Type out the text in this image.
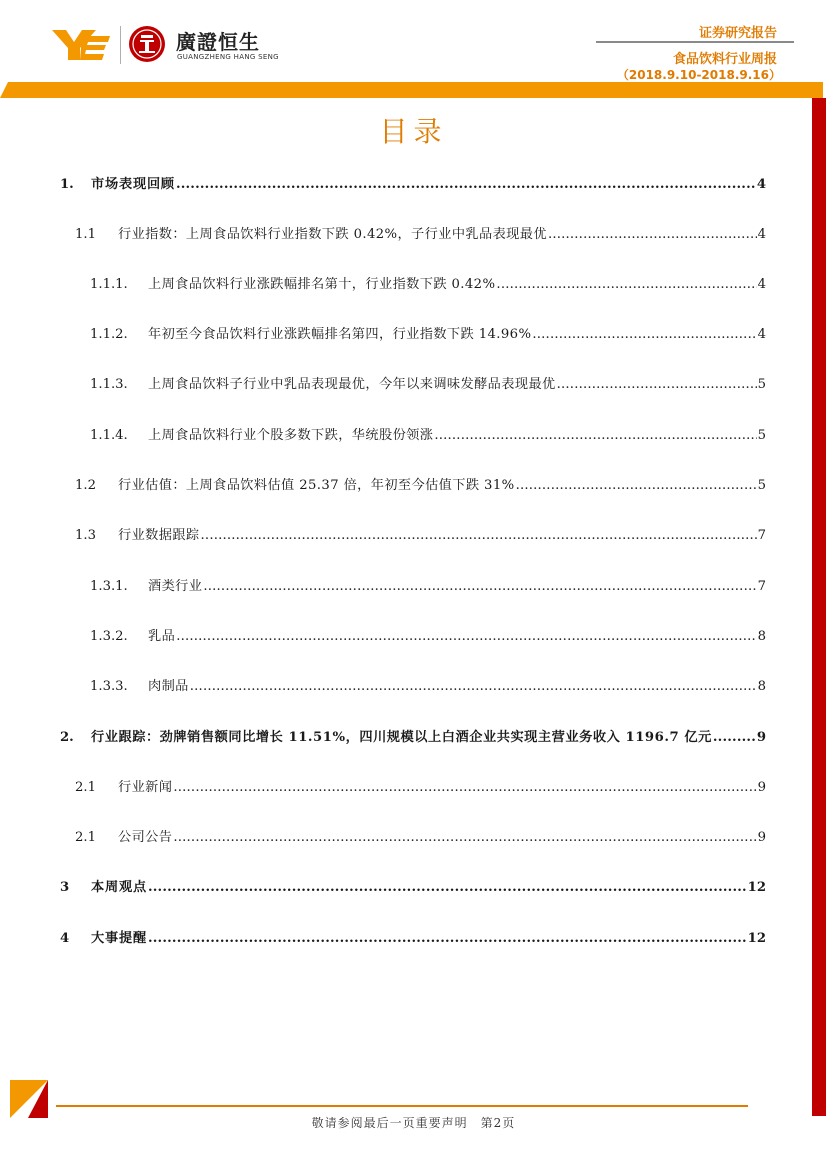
廣證恒生
GUANGZHENG HANG SENG
证券研究报告
食品饮料行业周报
（2018.9.10-2018.9.16）
目录
1.	市场表现回顾 .....	4
1.1	行业指数：上周食品饮料行业指数下跌 0.42%，子行业中乳品表现最优 .....	4
1.1.1.	上周食品饮料行业涨跌幅排名第十，行业指数下跌 0.42% .....	4
1.1.2.	年初至今食品饮料行业涨跌幅排名第四，行业指数下跌 14.96% .....	4
1.1.3.	上周食品饮料子行业中乳品表现最优，今年以来调味发酵品表现最优 .....	5
1.1.4.	上周食品饮料行业个股多数下跌，华统股份领涨 .....	5
1.2	行业估值：上周食品饮料估值 25.37 倍，年初至今估值下跌 31% .....	5
1.3	行业数据跟踪 .....	7
1.3.1.	酒类行业 .....	7
1.3.2.	乳品 .....	8
1.3.3.	肉制品 .....	8
2.	行业跟踪：劲牌销售额同比增长 11.51%，四川规模以上白酒企业共实现主营业务收入 1196.7 亿元 .....	9
2.1	行业新闻 .....	9
2.1	公司公告 .....	9
3	本周观点 .....	12
4	大事提醒 .....	12
敬请参阅最后一页重要声明　第2页
